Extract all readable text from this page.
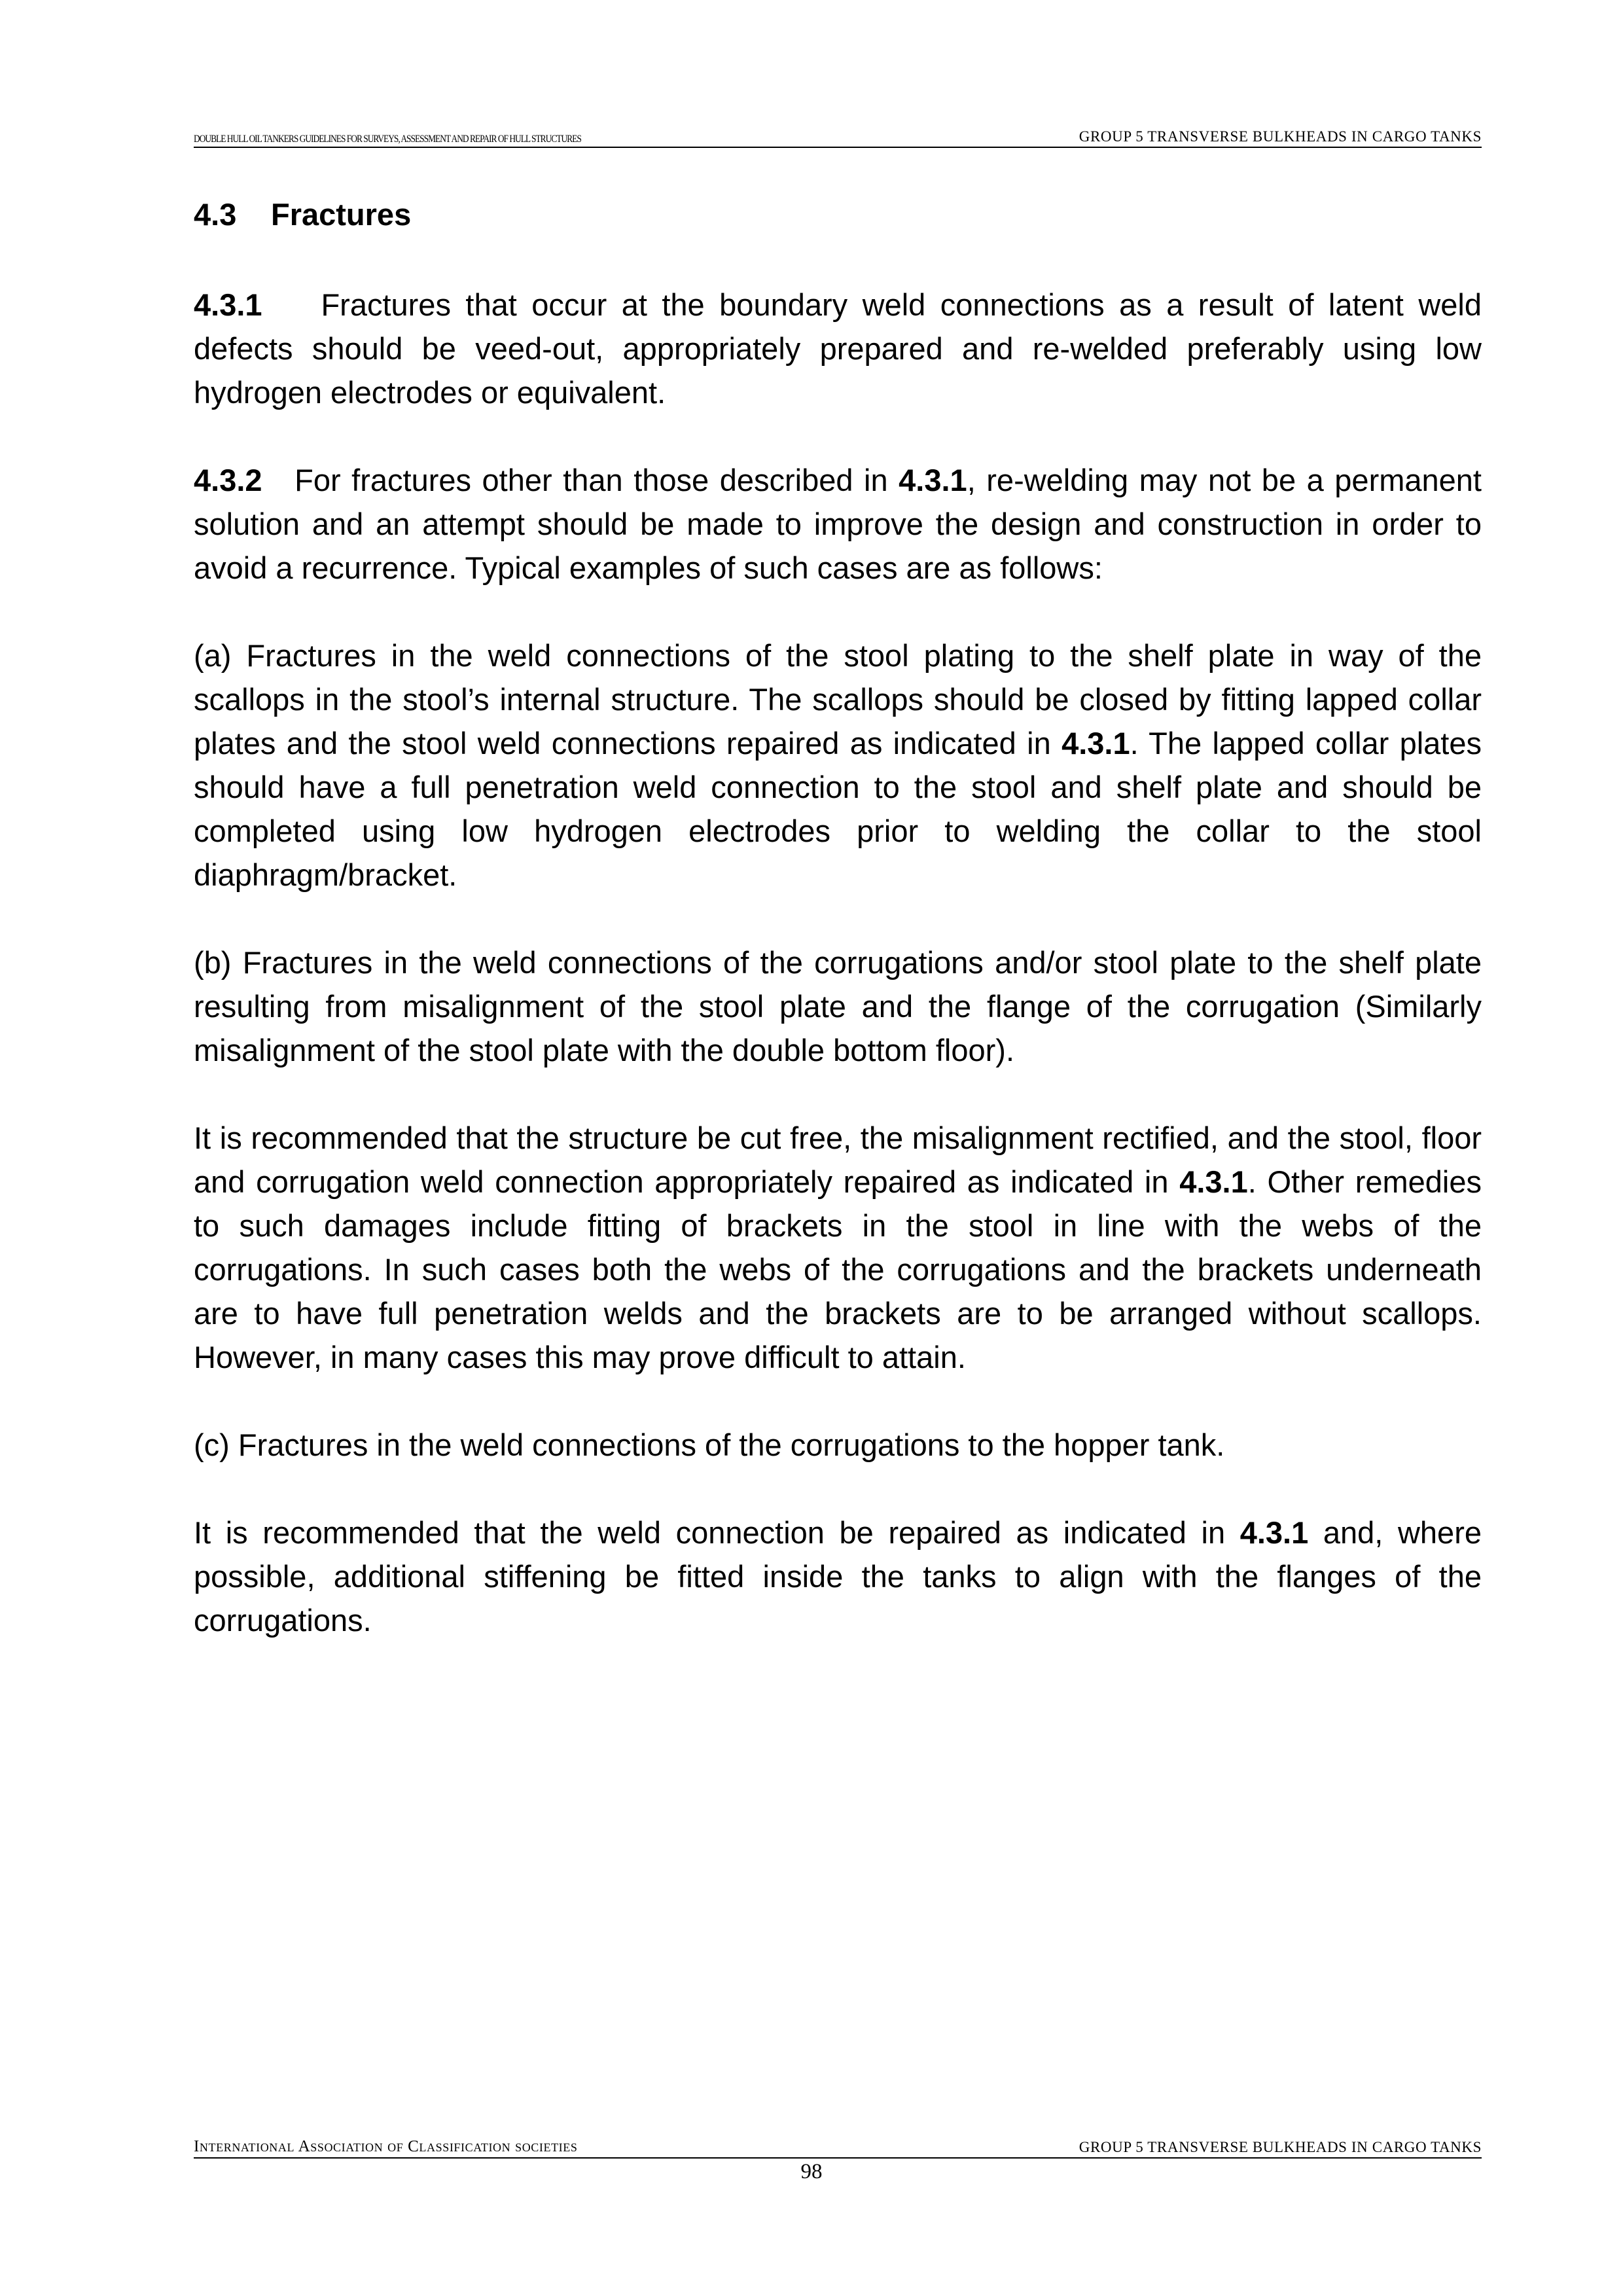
DOUBLE HULL OIL TANKERS GUIDELINES FOR SURVEYS, ASSESSMENT AND REPAIR OF HULL STRUCTURES	GROUP 5 TRANSVERSE BULKHEADS IN CARGO TANKS
4.3 Fractures

4.3.1 Fractures that occur at the boundary weld connections as a result of latent weld defects should be veed-out, appropriately prepared and re-welded preferably using low hydrogen electrodes or equivalent.

4.3.2 For fractures other than those described in 4.3.1, re-welding may not be a permanent solution and an attempt should be made to improve the design and construction in order to avoid a recurrence. Typical examples of such cases are as follows:

(a) Fractures in the weld connections of the stool plating to the shelf plate in way of the scallops in the stool’s internal structure. The scallops should be closed by fitting lapped collar plates and the stool weld connections repaired as indicated in 4.3.1. The lapped collar plates should have a full penetration weld connection to the stool and shelf plate and should be completed using low hydrogen electrodes prior to welding the collar to the stool diaphragm/bracket.

(b) Fractures in the weld connections of the corrugations and/or stool plate to the shelf plate resulting from misalignment of the stool plate and the flange of the corrugation (Similarly misalignment of the stool plate with the double bottom floor).

It is recommended that the structure be cut free, the misalignment rectified, and the stool, floor and corrugation weld connection appropriately repaired as indicated in 4.3.1. Other remedies to such damages include fitting of brackets in the stool in line with the webs of the corrugations. In such cases both the webs of the corrugations and the brackets underneath are to have full penetration welds and the brackets are to be arranged without scallops. However, in many cases this may prove difficult to attain.

(c) Fractures in the weld connections of the corrugations to the hopper tank.

It is recommended that the weld connection be repaired as indicated in 4.3.1 and, where possible, additional stiffening be fitted inside the tanks to align with the flanges of the corrugations.

International Association of Classification societies	GROUP 5 TRANSVERSE BULKHEADS IN CARGO TANKS
98
